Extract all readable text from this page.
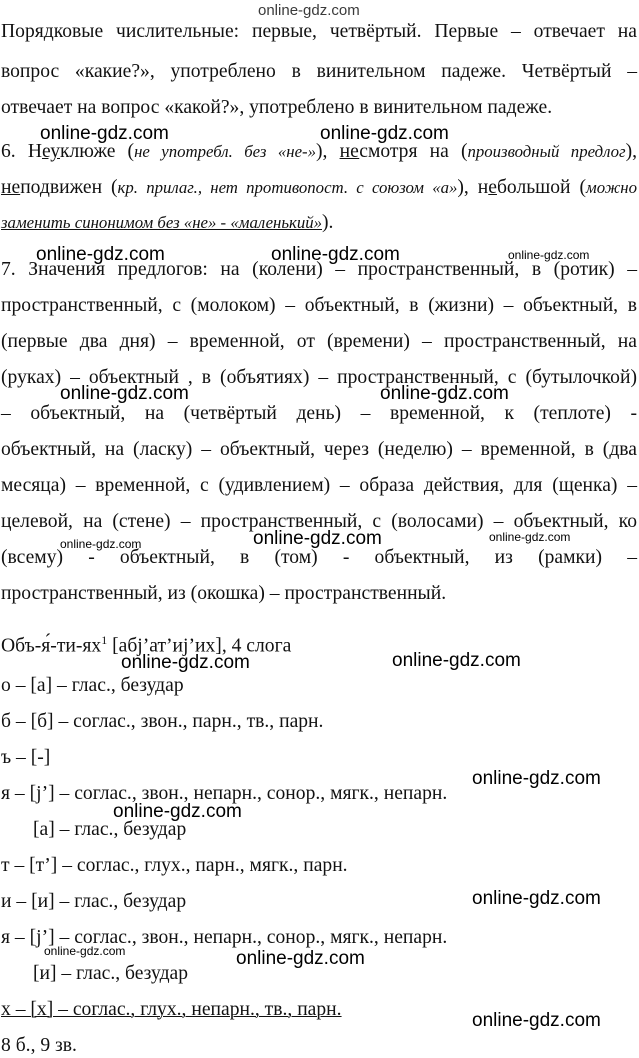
online-gdz.com
Порядковые числительные: первые, четвёртый. Первые – отвечает на
вопрос «какие?», употреблено в винительном падеже. Четвёртый –
отвечает на вопрос «какой?», употреблено в винительном падеже.
online-gdz.com	online-gdz.com
6. Неуклюже (не употребл. без «не-»), несмотря на (производный предлог),
неподвижен (кр. прилаг., нет противопост. с союзом «а»), небольшой (можно
заменить синонимом без «не» - «маленький»).
online-gdz.com	online-gdz.com	online-gdz.com
7. Значения предлогов: на (колени) – пространственный, в (ротик) –
пространственный, с (молоком) – объектный, в (жизни) – объектный, в
(первые два дня) – временной, от (времени) – пространственный, на
(руках) – объектный , в (объятиях) – пространственный, с (бутылочкой)
online-gdz.com	online-gdz.com
– объектный, на (четвёртый день) – временной, к (теплоте) -
объектный, на (ласку) – объектный, через (неделю) – временной, в (два
месяца) – временной, с (удивлением) – образа действия, для (щенка) –
целевой, на (стене) – пространственный, с (волосами) – объектный, ко
online-gdz.com	online-gdz.com	online-gdz.com
(всему) - объектный, в (том) - объектный, из (рамки) –
пространственный, из (окошка) – пространственный.
Объ-$я́-ти-ях^1$ [абj’ат’иj’их], 4 слога
online-gdz.com	online-gdz.com
о – [а] – глас., безудар
б – [б] – соглас., звон., парн., тв., парн.
ъ – [-]
online-gdz.com
я – [j’] – соглас., звон., непарн., сонор., мягк., непарн.
online-gdz.com
[а] – глас., безудар
т – [т’] – соглас., глух., парн., мягк., парн.
и – [и] – глас., безудар	online-gdz.com
я – [j’] – соглас., звон., непарн., сонор., мягк., непарн.
online-gdz.com	online-gdz.com
[и] – глас., безудар
х – [х] – соглас., глух., непарн., тв., парн.
online-gdz.com
8 б., 9 зв.
